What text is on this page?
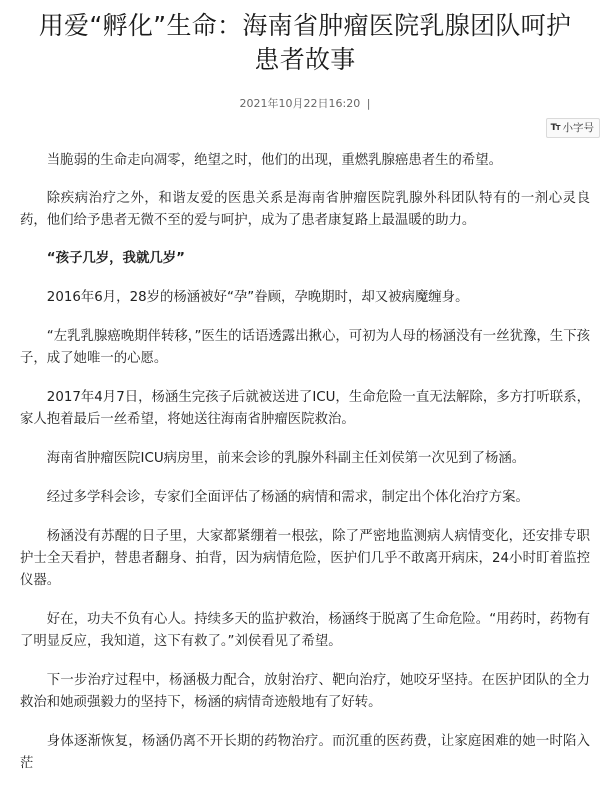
用爱“孵化”生命：海南省肿瘤医院乳腺团队呵护
患者故事
2021年10月22日16:20 |
TT 小字号

当脆弱的生命走向凋零，绝望之时，他们的出现，重燃乳腺癌患者生的希望。

除疾病治疗之外，和谐友爱的医患关系是海南省肿瘤医院乳腺外科团队特有的一剂心灵良药，他们给予患者无微不至的爱与呵护，成为了患者康复路上最温暖的助力。

“孩子几岁，我就几岁”

2016年6月，28岁的杨涵被好“孕”眷顾，孕晚期时，却又被病魔缠身。

“左乳乳腺癌晚期伴转移，”医生的话语透露出揪心，可初为人母的杨涵没有一丝犹豫，生下孩子，成了她唯一的心愿。

2017年4月7日，杨涵生完孩子后就被送进了ICU，生命危险一直无法解除，多方打听联系，家人抱着最后一丝希望，将她送往海南省肿瘤医院救治。

海南省肿瘤医院ICU病房里，前来会诊的乳腺外科副主任刘侯第一次见到了杨涵。

经过多学科会诊，专家们全面评估了杨涵的病情和需求，制定出个体化治疗方案。

杨涵没有苏醒的日子里，大家都紧绷着一根弦，除了严密地监测病人病情变化，还安排专职护士全天看护，替患者翻身、拍背，因为病情危险，医护们几乎不敢离开病床，24小时盯着监控仪器。

好在，功夫不负有心人。持续多天的监护救治，杨涵终于脱离了生命危险。“用药时，药物有了明显反应，我知道，这下有救了。”刘侯看见了希望。

下一步治疗过程中，杨涵极力配合，放射治疗、靶向治疗，她咬牙坚持。在医护团队的全力救治和她顽强毅力的坚持下，杨涵的病情奇迹般地有了好转。

身体逐渐恢复，杨涵仍离不开长期的药物治疗。而沉重的医药费，让家庭困难的她一时陷入茫
